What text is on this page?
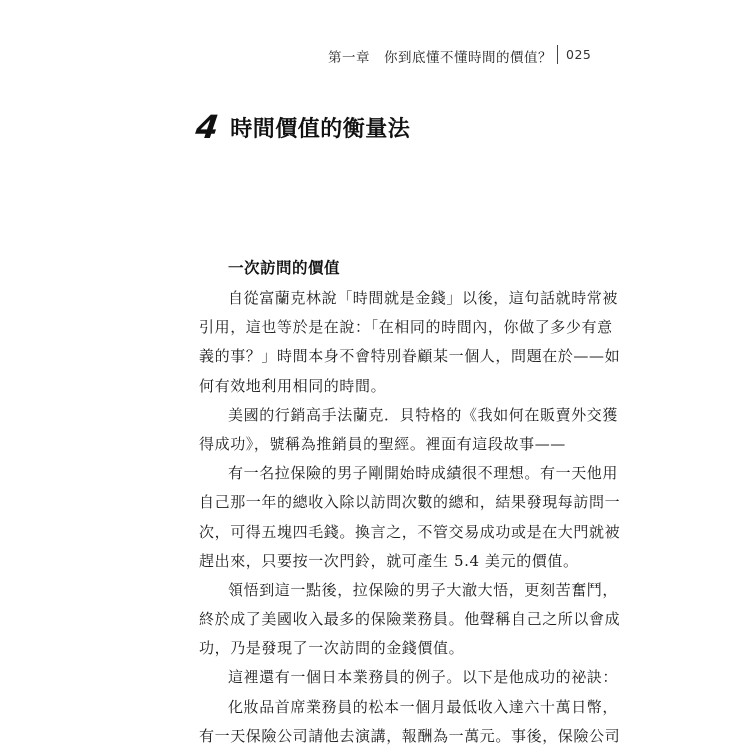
第一章　你到底懂不懂時間的價值？ 025
4 時間價值的衡量法
一次訪問的價值
自從富蘭克林說「時間就是金錢」以後，這句話就時常被
引用，這也等於是在說：「在相同的時間內，你做了多少有意
義的事？」時間本身不會特別眷顧某一個人，問題在於——如
何有效地利用相同的時間。
美國的行銷高手法蘭克．貝特格的《我如何在販賣外交獲
得成功》，號稱為推銷員的聖經。裡面有這段故事——
有一名拉保險的男子剛開始時成績很不理想。有一天他用
自己那一年的總收入除以訪問次數的總和，結果發現每訪問一
次，可得五塊四毛錢。換言之，不管交易成功或是在大門就被
趕出來，只要按一次門鈴，就可產生 5.4 美元的價值。
領悟到這一點後，拉保險的男子大澈大悟，更刻苦奮鬥，
終於成了美國收入最多的保險業務員。他聲稱自己之所以會成
功，乃是發現了一次訪問的金錢價值。
這裡還有一個日本業務員的例子。以下是他成功的祕訣：
化妝品首席業務員的松本一個月最低收入達六十萬日幣，
有一天保險公司請他去演講，報酬為一萬元。事後，保險公司
